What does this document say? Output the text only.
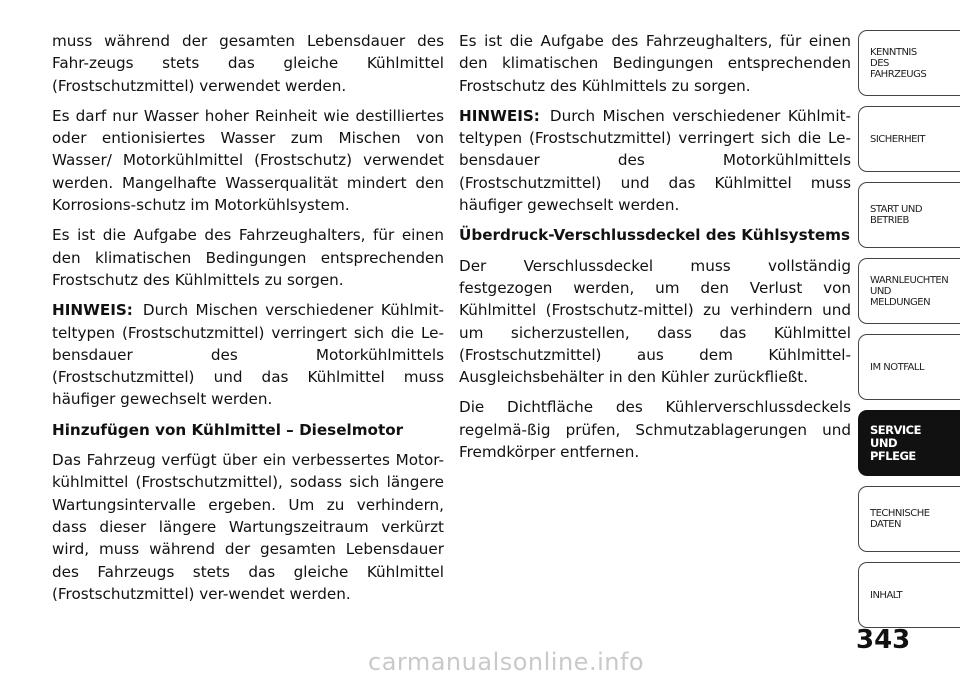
muss während der gesamten Lebensdauer des Fahr-zeugs stets das gleiche Kühlmittel (Frostschutzmittel) verwendet werden.

Es darf nur Wasser hoher Reinheit wie destilliertes oder entionisiertes Wasser zum Mischen von Wasser/ Motorkühlmittel (Frostschutz) verwendet werden. Mangelhafte Wasserqualität mindert den Korrosions-schutz im Motorkühlsystem.

Es ist die Aufgabe des Fahrzeughalters, für einen den klimatischen Bedingungen entsprechenden Frostschutz des Kühlmittels zu sorgen.

HINWEIS: Durch Mischen verschiedener Kühlmit-teltypen (Frostschutzmittel) verringert sich die Le-bensdauer des Motorkühlmittels (Frostschutzmittel) und das Kühlmittel muss häufiger gewechselt werden.

Hinzufügen von Kühlmittel – Dieselmotor

Das Fahrzeug verfügt über ein verbessertes Motor-kühlmittel (Frostschutzmittel), sodass sich längere Wartungsintervalle ergeben. Um zu verhindern, dass dieser längere Wartungszeitraum verkürzt wird, muss während der gesamten Lebensdauer des Fahrzeugs stets das gleiche Kühlmittel (Frostschutzmittel) ver-wendet werden.

Es ist die Aufgabe des Fahrzeughalters, für einen den klimatischen Bedingungen entsprechenden Frostschutz des Kühlmittels zu sorgen.

HINWEIS: Durch Mischen verschiedener Kühlmit-teltypen (Frostschutzmittel) verringert sich die Le-bensdauer des Motorkühlmittels (Frostschutzmittel) und das Kühlmittel muss häufiger gewechselt werden.

Überdruck-Verschlussdeckel des Kühlsystems

Der Verschlussdeckel muss vollständig festgezogen werden, um den Verlust von Kühlmittel (Frostschutz-mittel) zu verhindern und um sicherzustellen, dass das Kühlmittel (Frostschutzmittel) aus dem Kühlmittel-Ausgleichsbehälter in den Kühler zurückfließt.

Die Dichtfläche des Kühlerverschlussdeckels regelmä-ßig prüfen, Schmutzablagerungen und Fremdkörper entfernen.

KENNTNIS
DES
FAHRZEUGS
SICHERHEIT
START UND
BETRIEB
WARNLEUCHTEN
UND
MELDUNGEN
IM NOTFALL
SERVICE
UND
PFLEGE
TECHNISCHE
DATEN
INHALT
343
carmanualsonline.info
